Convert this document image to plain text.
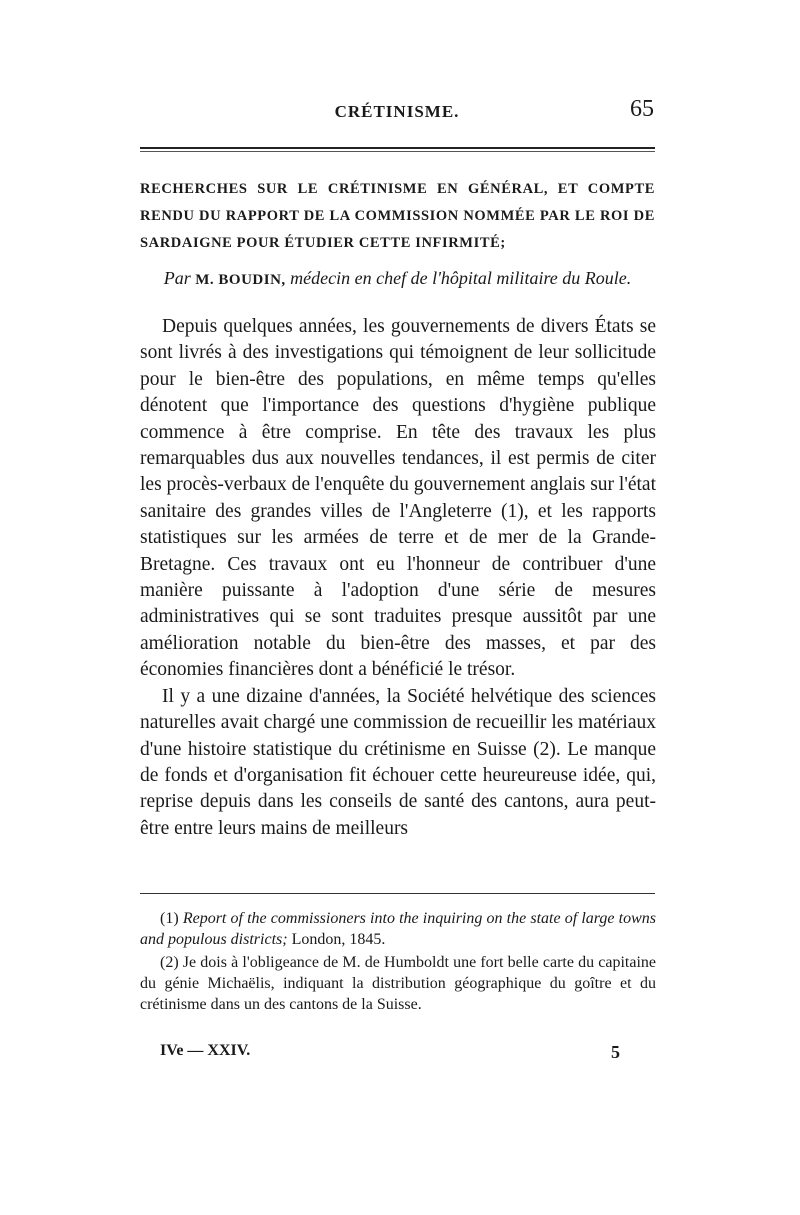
CRÉTINISME.	65
RECHERCHES SUR LE CRÉTINISME EN GÉNÉRAL, ET COMPTE RENDU DU RAPPORT DE LA COMMISSION NOMMÉE PAR LE ROI DE SARDAIGNE POUR ÉTUDIER CETTE INFIRMITÉ;
Par M. BOUDIN, médecin en chef de l'hôpital militaire du Roule.

Depuis quelques années, les gouvernements de divers États se sont livrés à des investigations qui témoignent de leur sollicitude pour le bien-être des populations, en même temps qu'elles dénotent que l'importance des questions d'hygiène publique commence à être comprise. En tête des travaux les plus remarquables dus aux nouvelles tendances, il est permis de citer les procès-verbaux de l'enquête du gouvernement anglais sur l'état sanitaire des grandes villes de l'Angleterre (1), et les rapports statistiques sur les armées de terre et de mer de la Grande-Bretagne. Ces travaux ont eu l'honneur de contribuer d'une manière puissante à l'adoption d'une série de mesures administratives qui se sont traduites presque aussitôt par une amélioration notable du bien-être des masses, et par des économies financières dont a bénéficié le trésor.

Il y a une dizaine d'années, la Société helvétique des sciences naturelles avait chargé une commission de recueillir les matériaux d'une histoire statistique du crétinisme en Suisse (2). Le manque de fonds et d'organisation fit échouer cette heureureuse idée, qui, reprise depuis dans les conseils de santé des cantons, aura peut-être entre leurs mains de meilleurs

(1) Report of the commissioners into the inquiring on the state of large towns and populous districts; London, 1845.

(2) Je dois à l'obligeance de M. de Humboldt une fort belle carte du capitaine du génie Michaëlis, indiquant la distribution géographique du goître et du crétinisme dans un des cantons de la Suisse.

IVe — XXIV.	5
